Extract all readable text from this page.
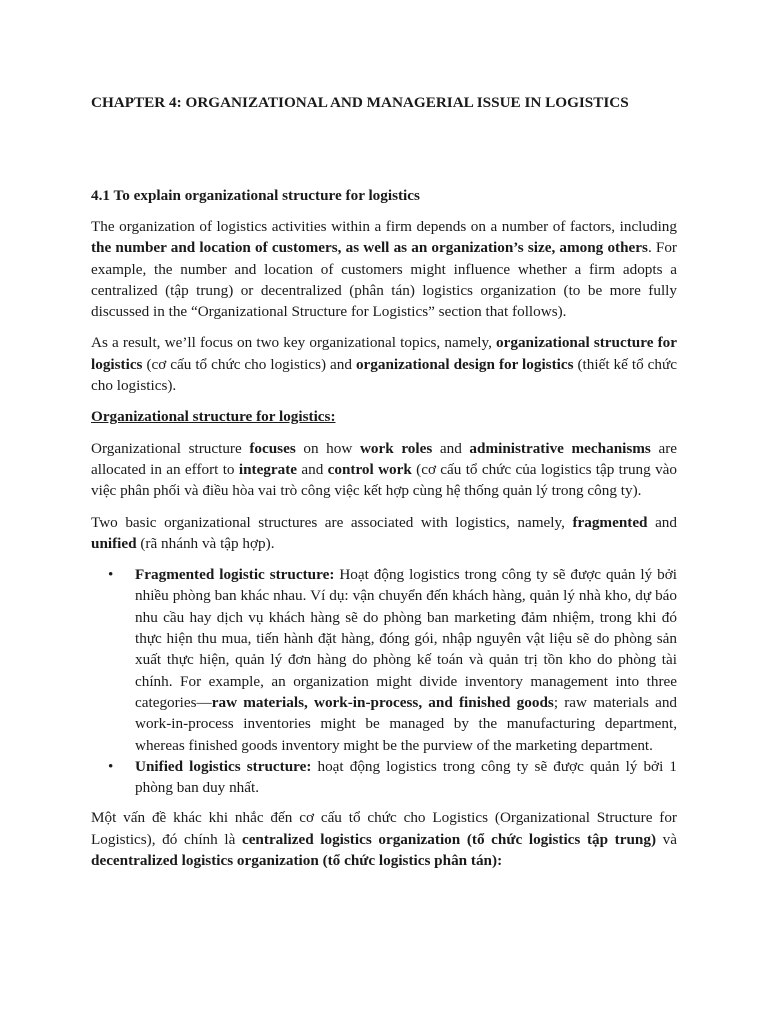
CHAPTER 4: ORGANIZATIONAL AND MANAGERIAL ISSUE IN LOGISTICS
4.1 To explain organizational structure for logistics

The organization of logistics activities within a firm depends on a number of factors, including the number and location of customers, as well as an organization’s size, among others. For example, the number and location of customers might influence whether a firm adopts a centralized (tập trung) or decentralized (phân tán) logistics organization (to be more fully discussed in the “Organizational Structure for Logistics” section that follows).

As a result, we’ll focus on two key organizational topics, namely, organizational structure for logistics (cơ cấu tổ chức cho logistics) and organizational design for logistics (thiết kế tổ chức cho logistics).

Organizational structure for logistics:

Organizational structure focuses on how work roles and administrative mechanisms are allocated in an effort to integrate and control work (cơ cấu tổ chức của logistics tập trung vào việc phân phối và điều hòa vai trò công việc kết hợp cùng hệ thống quản lý trong công ty).

Two basic organizational structures are associated with logistics, namely, fragmented and unified (rã nhánh và tập hợp).

• Fragmented logistic structure: Hoạt động logistics trong công ty sẽ được quản lý bởi nhiều phòng ban khác nhau. Ví dụ: vận chuyển đến khách hàng, quản lý nhà kho, dự báo nhu cầu hay dịch vụ khách hàng sẽ do phòng ban marketing đảm nhiệm, trong khi đó thực hiện thu mua, tiến hành đặt hàng, đóng gói, nhập nguyên vật liệu sẽ do phòng sản xuất thực hiện, quản lý đơn hàng do phòng kế toán và quản trị tồn kho do phòng tài chính. For example, an organization might divide inventory management into three categories—raw materials, work-in-process, and finished goods; raw materials and work-in-process inventories might be managed by the manufacturing department, whereas finished goods inventory might be the purview of the marketing department.
• Unified logistics structure: hoạt động logistics trong công ty sẽ được quản lý bởi 1 phòng ban duy nhất.

Một vấn đề khác khi nhắc đến cơ cấu tổ chức cho Logistics (Organizational Structure for Logistics), đó chính là centralized logistics organization (tổ chức logistics tập trung) và decentralized logistics organization (tổ chức logistics phân tán):
